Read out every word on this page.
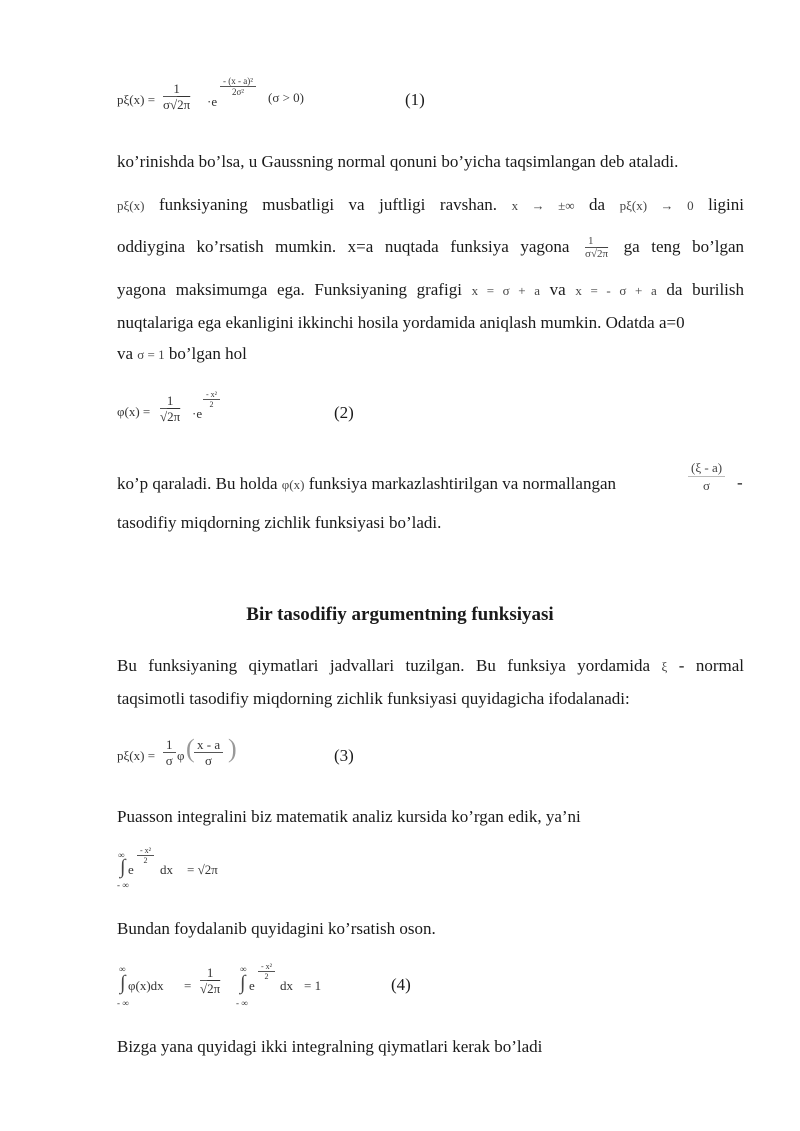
$p\xi(x) = \frac{1}{\sigma√2\pi} \cdot e$
$\frac{\text{- (x - a)²}}{\text{2σ²}}$
(σ > 0)	(1)
ko’rinishda bo’lsa, u Gaussning normal qonuni bo’yicha taqsimlangan deb ataladi.
pξ(x) funksiyaning musbatligi va juftligi ravshan. x → ±∞ da pξ(x) → 0 ligini
oddiygina ko’rsatish mumkin. x=a nuqtada funksiya yagona $\frac{1}{\sigma√2\pi}$ ga teng bo’lgan
yagona maksimumga ega. Funksiyaning grafigi x = σ + a va x = - σ + a da burilish
nuqtalariga ega ekanligini ikkinchi hosila yordamida aniqlash mumkin. Odatda a=0
va σ = 1 bo’lgan hol
$\varphi(x) = \frac{1}{√2\pi} \cdot e$
$\frac{\text{- x²}}{2}$
(2)
ko’p qaraladi. Bu holda φ(x) funksiya markazlashtirilgan va normallangan	$\frac{(\xi - a)}{\sigma}$ -
tasodifiy miqdorning zichlik funksiyasi bo’ladi.
Bir tasodifiy argumentning funksiyasi
Bu funksiyaning qiymatlari jadvallari tuzilgan. Bu funksiya yordamida ξ - normal
taqsimotli tasodifiy miqdorning zichlik funksiyasi quyidagicha ifodalanadi:
$p\xi(x) = \frac{1}{\sigma}$ φ ( $\frac{x - a}{\sigma}$ )	(3)
Puasson integralini biz matematik analiz kursida ko’rgan edik, ya’ni
∞
∫
- ∞
e
$\frac{\text{- x²}}{2}$
dx = √2π
Bundan foydalanib quyidagini ko’rsatish oson.
∞
∫
- ∞
$\varphi(x)dx = \frac{1}{√2\pi}$ ∞
∫
- ∞
e
$\frac{\text{- x²}}{2}$
dx = 1	(4)
Bizga yana quyidagi ikki integralning qiymatlari kerak bo’ladi
